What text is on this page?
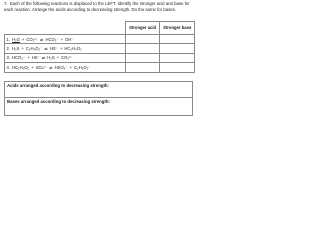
7. Each of the following reactions is displaced to the LEFT. Identify the stronger acid and base for each reaction. Arrange the acids according to decreasing strength. Do the same for bases.
	Stronger acid	Stronger base
1. H₂O + CO₃²⁻ ⇌ HCO₃⁻ + OH⁻		
2. H₂S + C₂H₃O₂⁻ ⇌ HS⁻ + HC₂H₃O₂		
3. HCO₃⁻ + HS⁻ ⇌ H₂S + CO₃²⁻		
4. HC₂H₃O₂ + SO₄²⁻ ⇌ HSO₄⁻ + C₂H₃O₂⁻		
Acids arranged according to decreasing strength:
Bases arranged according to decreasing strength:
